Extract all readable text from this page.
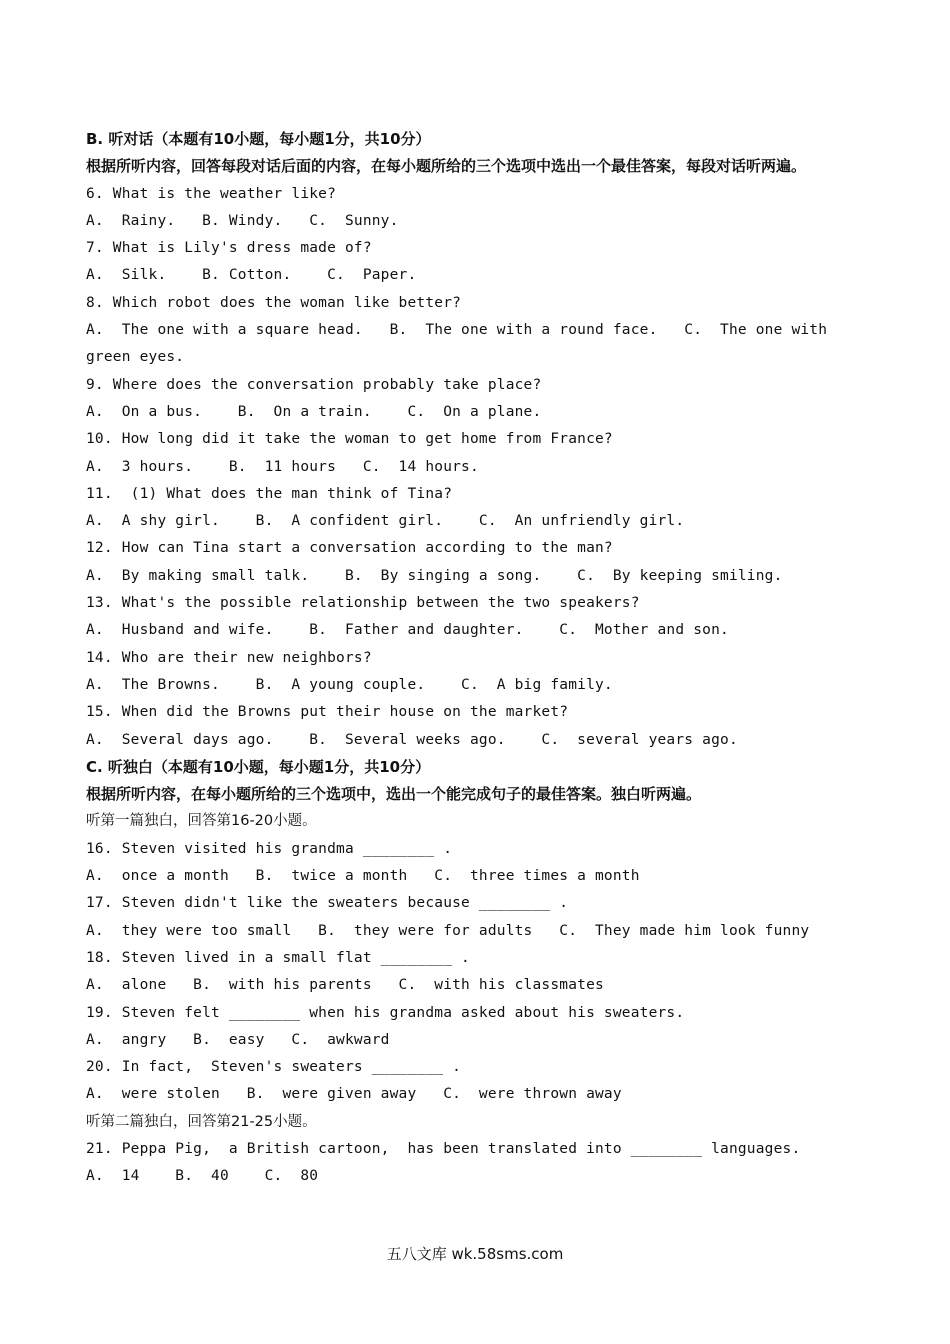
B. 听对话（本题有10小题，每小题1分，共10分）
根据所听内容，回答每段对话后面的内容，在每小题所给的三个选项中选出一个最佳答案，每段对话听两遍。
6. What is the weather like?
A.  Rainy.   B. Windy.   C.  Sunny.
7. What is Lily's dress made of?
A.  Silk.    B. Cotton.    C.  Paper.
8. Which robot does the woman like better?
A.  The one with a square head.   B.  The one with a round face.   C.  The one with green eyes.
9. Where does the conversation probably take place?
A.  On a bus.    B.  On a train.    C.  On a plane.
10. How long did it take the woman to get home from France?
A.  3 hours.    B.  11 hours   C.  14 hours.
11.  (1) What does the man think of Tina?
A.  A shy girl.    B.  A confident girl.    C.  An unfriendly girl.
12. How can Tina start a conversation according to the man?
A.  By making small talk.    B.  By singing a song.    C.  By keeping smiling.
13. What's the possible relationship between the two speakers?
A.  Husband and wife.    B.  Father and daughter.    C.  Mother and son.
14. Who are their new neighbors?
A.  The Browns.    B.  A young couple.    C.  A big family.
15. When did the Browns put their house on the market?
A.  Several days ago.    B.  Several weeks ago.    C.  several years ago.
C. 听独白（本题有10小题，每小题1分，共10分）
根据所听内容，在每小题所给的三个选项中，选出一个能完成句子的最佳答案。独白听两遍。
听第一篇独白，回答第16-20小题。
16. Steven visited his grandma ________ .
A.  once a month   B.  twice a month   C.  three times a month
17. Steven didn't like the sweaters because ________ .
A.  they were too small   B.  they were for adults   C.  They made him look funny
18. Steven lived in a small flat ________ .
A.  alone   B.  with his parents   C.  with his classmates
19. Steven felt ________ when his grandma asked about his sweaters.
A.  angry   B.  easy   C.  awkward
20. In fact,  Steven's sweaters ________ .
A.  were stolen   B.  were given away   C.  were thrown away
听第二篇独白，回答第21-25小题。
21. Peppa Pig,  a British cartoon,  has been translated into ________ languages.
A.  14    B.  40    C.  80
五八文库 wk.58sms.com
